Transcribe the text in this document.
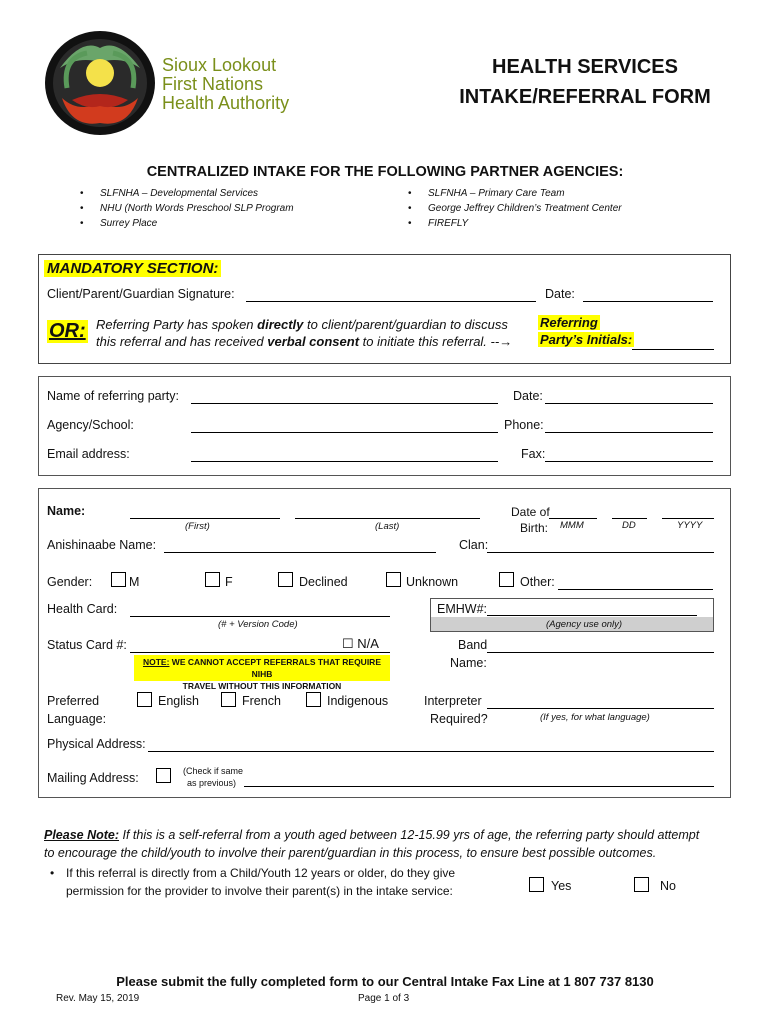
Sioux Lookout
First Nations
Health Authority
HEALTH SERVICES
INTAKE/REFERRAL FORM
CENTRALIZED INTAKE FOR THE FOLLOWING PARTNER AGENCIES:
• SLFNHA – Developmental Services
• NHU (North Words Preschool SLP Program
• Surrey Place
• SLFNHA – Primary Care Team
• George Jeffrey Children’s Treatment Center
• FIREFLY
MANDATORY SECTION:
Client/Parent/Guardian Signature:	Date:
OR: Referring Party has spoken directly to client/parent/guardian to discuss
this referral and has received verbal consent to initiate this referral. --→
Referring
Party’s Initials:
Name of referring party:	Date:
Agency/School:	Phone:
Email address:	Fax:
Name:
(First)	(Last)
Date of
Birth: MMM	DD	YYYY
Anishinaabe Name:	Clan:
Gender:	M	F	Declined	Unknown	Other:
Health Card:
(# + Version Code)
EMHW#:
(Agency use only)
Status Card #:	☐ N/A
NOTE: WE CANNOT ACCEPT REFERRALS THAT REQUIRE NIHB
TRAVEL WITHOUT THIS INFORMATION
Band
Name:
Preferred
Language:
English	French	Indigenous	Interpreter
Required?	(If yes, for what language)
Physical Address:
Mailing Address:	(Check if same
as previous)
Please Note: If this is a self-referral from a youth aged between 12-15.99 yrs of age, the referring party should attempt
to encourage the child/youth to involve their parent/guardian in this process, to ensure best possible outcomes.
• If this referral is directly from a Child/Youth 12 years or older, do they give
permission for the provider to involve their parent(s) in the intake service:	Yes	No
Please submit the fully completed form to our Central Intake Fax Line at 1 807 737 8130
Rev. May 15, 2019	Page 1 of 3
